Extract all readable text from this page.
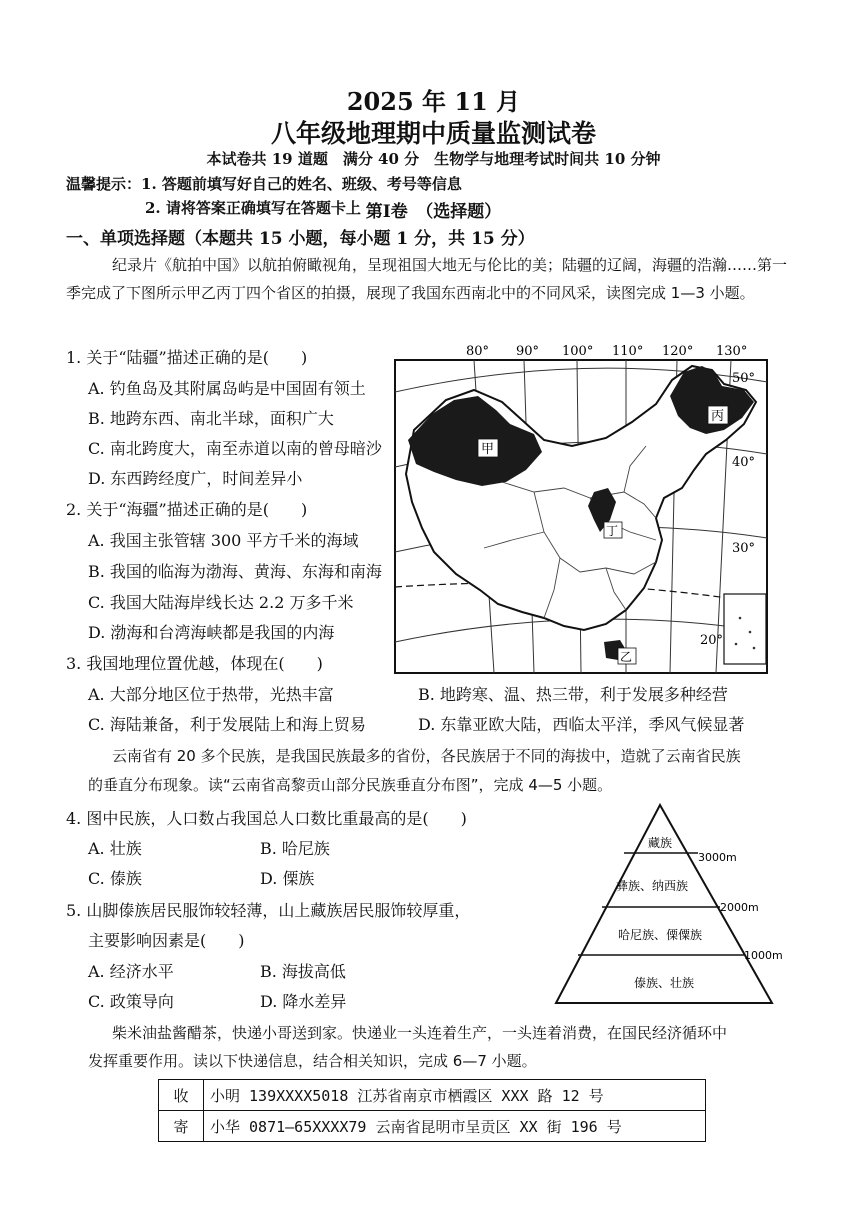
2025 年 11 月
八年级地理期中质量监测试卷
本试卷共 19 道题　满分 40 分　生物学与地理考试时间共 10 分钟
温馨提示：1. 答题前填写好自己的姓名、班级、考号等信息
2. 请将答案正确填写在答题卡上 第Ⅰ卷　（选择题）
一、单项选择题（本题共 15 小题，每小题 1 分，共 15 分）
纪录片《航拍中国》以航拍俯瞰视角，呈现祖国大地无与伦比的美；陆疆的辽阔，海疆的浩瀚……第一
季完成了下图所示甲乙丙丁四个省区的拍摄，展现了我国东西南北中的不同风采，读图完成 1—3 小题。
1. 关于“陆疆”描述正确的是(　　)
A. 钓鱼岛及其附属岛屿是中国固有领土
B. 地跨东西、南北半球，面积广大
C. 南北跨度大，南至赤道以南的曾母暗沙
D. 东西跨经度广，时间差异小
2. 关于“海疆”描述正确的是(　　)
A. 我国主张管辖 300 平方千米的海域
B. 我国的临海为渤海、黄海、东海和南海
C. 我国大陆海岸线长达 2.2 万多千米
D. 渤海和台湾海峡都是我国的内海
80° 90° 100° 110° 120° 130°
50°
40°
30°
20°
甲
丙
丁
乙
3. 我国地理位置优越，体现在(　　)
A. 大部分地区位于热带，光热丰富	B. 地跨寒、温、热三带，利于发展多种经营
C. 海陆兼备，利于发展陆上和海上贸易	D. 东靠亚欧大陆，西临太平洋，季风气候显著
云南省有 20 多个民族，是我国民族最多的省份，各民族居于不同的海拔中，造就了云南省民族
的垂直分布现象。读“云南省高黎贡山部分民族垂直分布图”，完成 4—5 小题。
4. 图中民族，人口数占我国总人口数比重最高的是(　　)
A. 壮族	B. 哈尼族
C. 傣族	D. 傈族
5. 山脚傣族居民服饰较轻薄，山上藏族居民服饰较厚重，
主要影响因素是(　　)
A. 经济水平	B. 海拔高低
C. 政策导向	D. 降水差异
藏族
彝族、纳西族
哈尼族、傈僳族
傣族、壮族
3000m
2000m
1000m
柴米油盐酱醋茶，快递小哥送到家。快递业一头连着生产，一头连着消费，在国民经济循环中
发挥重要作用。读以下快递信息，结合相关知识，完成 6—7 小题。
收	小明 139XXXX5018 江苏省南京市栖霞区 XXX 路 12 号
寄	小华 0871—65XXXX79 云南省昆明市呈贡区 XX 街 196 号
